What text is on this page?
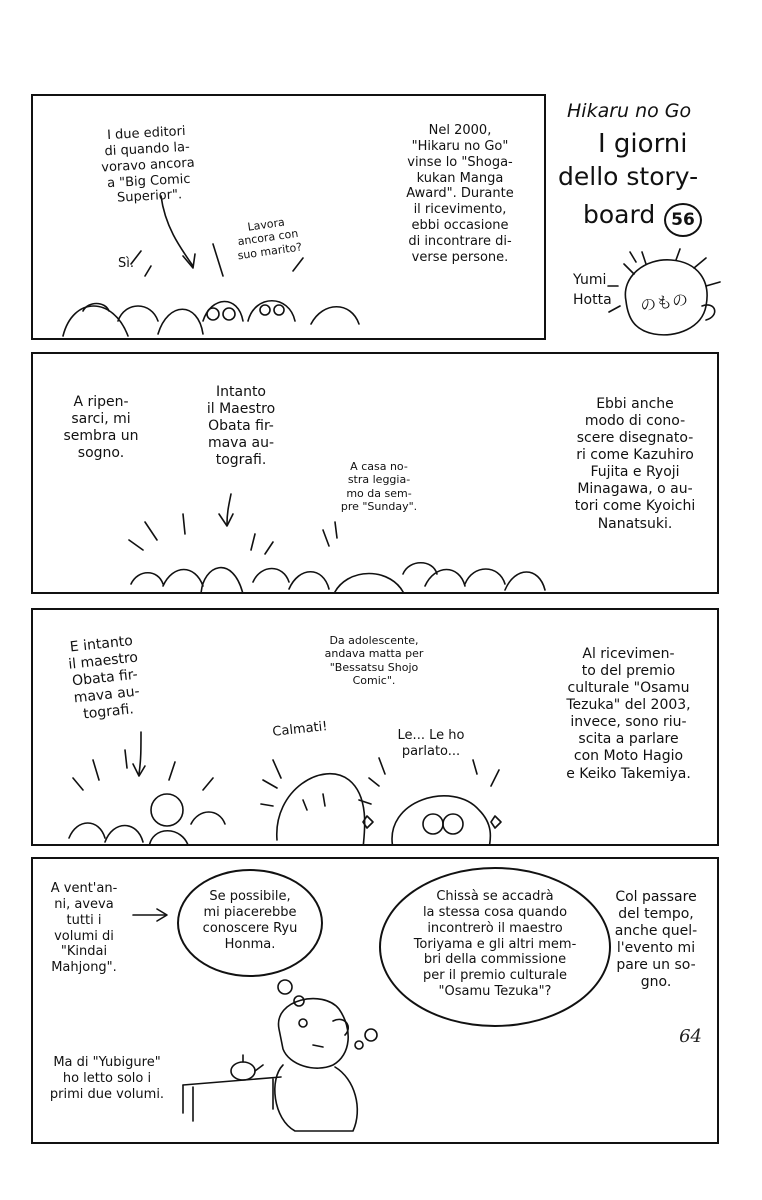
Hikaru no Go
I giorni
dello story-
board 56
Yumi
Hotta のもの
I due editori
di quando la-
voravo ancora
a "Big Comic
Superior".
Sì.
Lavora
ancora con
suo marito?
Nel 2000,
"Hikaru no Go"
vinse lo "Shoga-
kukan Manga
Award". Durante
il ricevimento,
ebbi occasione
di incontrare di-
verse persone.
A ripen-
sarci, mi
sembra un
sogno.
Intanto
il Maestro
Obata fir-
mava au-
tografi.	A casa no-
stra leggia-
mo da sem-
pre "Sunday".
Ebbi anche
modo di cono-
scere disegnato-
ri come Kazuhiro
Fujita e Ryoji
Minagawa, o au-
tori come Kyoichi
Nanatsuki.
E intanto
il maestro
Obata fir-
mava au-
tografi.
Da adolescente,
andava matta per
"Bessatsu Shojo
Comic".
Calmati!	Le... Le ho
parlato...
Al ricevimen-
to del premio
culturale "Osamu
Tezuka" del 2003,
invece, sono riu-
scita a parlare
con Moto Hagio
e Keiko Takemiya.
A vent'an-
ni, aveva
tutti i
volumi di
"Kindai
Mahjong".
Se possibile,
mi piacerebbe
conoscere Ryu
Honma.
Chissà se accadrà
la stessa cosa quando
incontrerò il maestro
Toriyama e gli altri mem-
bri della commissione
per il premio culturale
"Osamu Tezuka"?
Ma di "Yubigure"
ho letto solo i
primi due volumi.
Col passare
del tempo,
anche quel-
l'evento mi
pare un so-
gno.
64
